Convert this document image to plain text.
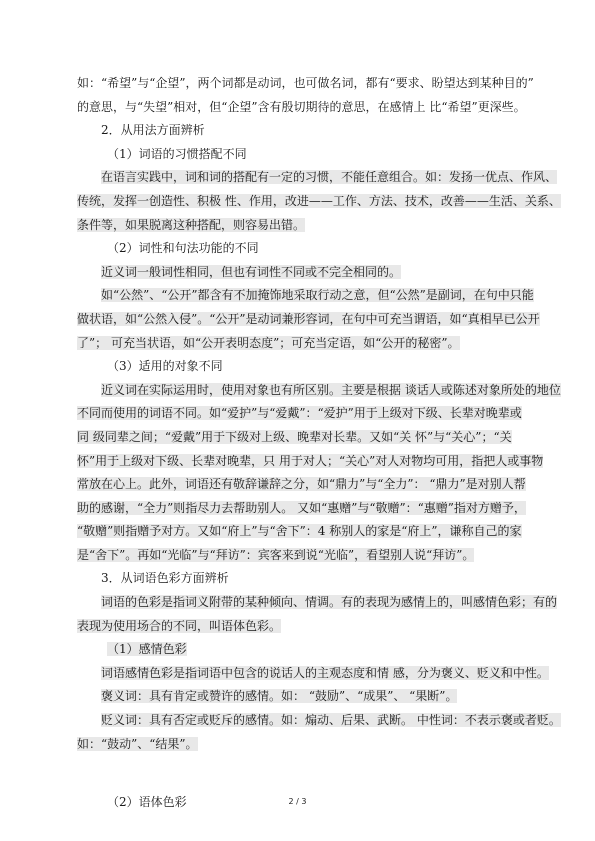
如：“希望”与“企望”，两个词都是动词，也可做名词，都有“要求、盼望达到某种目的”
的意思，与“失望”相对，但“企望”含有殷切期待的意思，在感情上 比“希望”更深些。
2．从用法方面辨析
（1）词语的习惯搭配不同
在语言实践中，词和词的搭配有一定的习惯，不能任意组合。如：发扬一优点、作风、
传统，发挥一创造性、积极 性、作用，改进——工作、方法、技术，改善——生活、关系、
条件等，如果脱离这种搭配，则容易出错。
（2）词性和句法功能的不同
近义词一般词性相同，但也有词性不同或不完全相同的。
如“公然”、“公开”都含有不加掩饰地采取行动之意，但“公然”是副词，在句中只能
做状语，如“公然入侵”。“公开”是动词兼形容词，在句中可充当谓语，如“真相早已公开
了”； 可充当状语，如“公开表明态度”；可充当定语，如“公开的秘密”。
（3）适用的对象不同
近义词在实际运用时，使用对象也有所区别。主要是根据 谈话人或陈述对象所处的地位
不同而使用的词语不同。如“爱护”与“爱戴”：“爱护”用于上级对下级、长辈对晚辈或
同 级同辈之间；“爱戴”用于下级对上级、晚辈对长辈。又如“关 怀”与“关心”；“关
怀”用于上级对下级、长辈对晚辈，只 用于对人；“关心”对人对物均可用，指把人或事物
常放在心上。此外，词语还有敬辞谦辞之分，如“鼎力”与“全力”： “鼎力”是对别人帮
助的感谢，“全力”则指尽力去帮助别人。 又如“惠赠”与“敬赠”：“惠赠”指对方赠予，
“敬赠”则指赠予对方。又如“府上”与“舍下”：4 称别人的家是“府上”，谦称自己的家
是“舍下”。再如“光临”与“拜访”：宾客来到说“光临”，看望别人说“拜访”。
3．从词语色彩方面辨析
词语的色彩是指词义附带的某种倾向、情调。有的表现为感情上的，叫感情色彩；有的
表现为使用场合的不同，叫语体色彩。
（1）感情色彩
词语感情色彩是指词语中包含的说话人的主观态度和情 感，分为褒义、贬义和中性。
褒义词：具有肯定或赞许的感情。如： “鼓励”、“成果”、 “果断”。
贬义词：具有否定或贬斥的感情。如：煽动、后果、武断。 中性词：不表示褒或者贬。
如：“鼓动”、“结果”。
（2）语体色彩	2 / 3
